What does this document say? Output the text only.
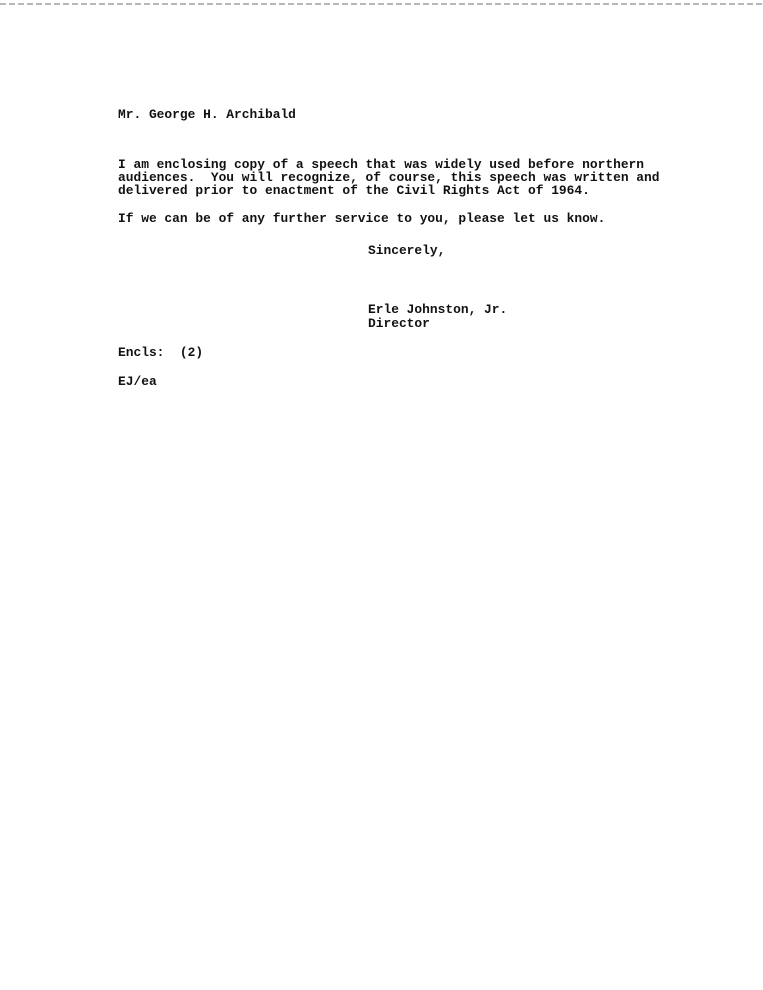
Mr. George H. Archibald
I am enclosing copy of a speech that was widely used before northern
audiences.  You will recognize, of course, this speech was written and
delivered prior to enactment of the Civil Rights Act of 1964.
If we can be of any further service to you, please let us know.
Sincerely,
Erle Johnston, Jr.
Director
Encls:  (2)
EJ/ea
